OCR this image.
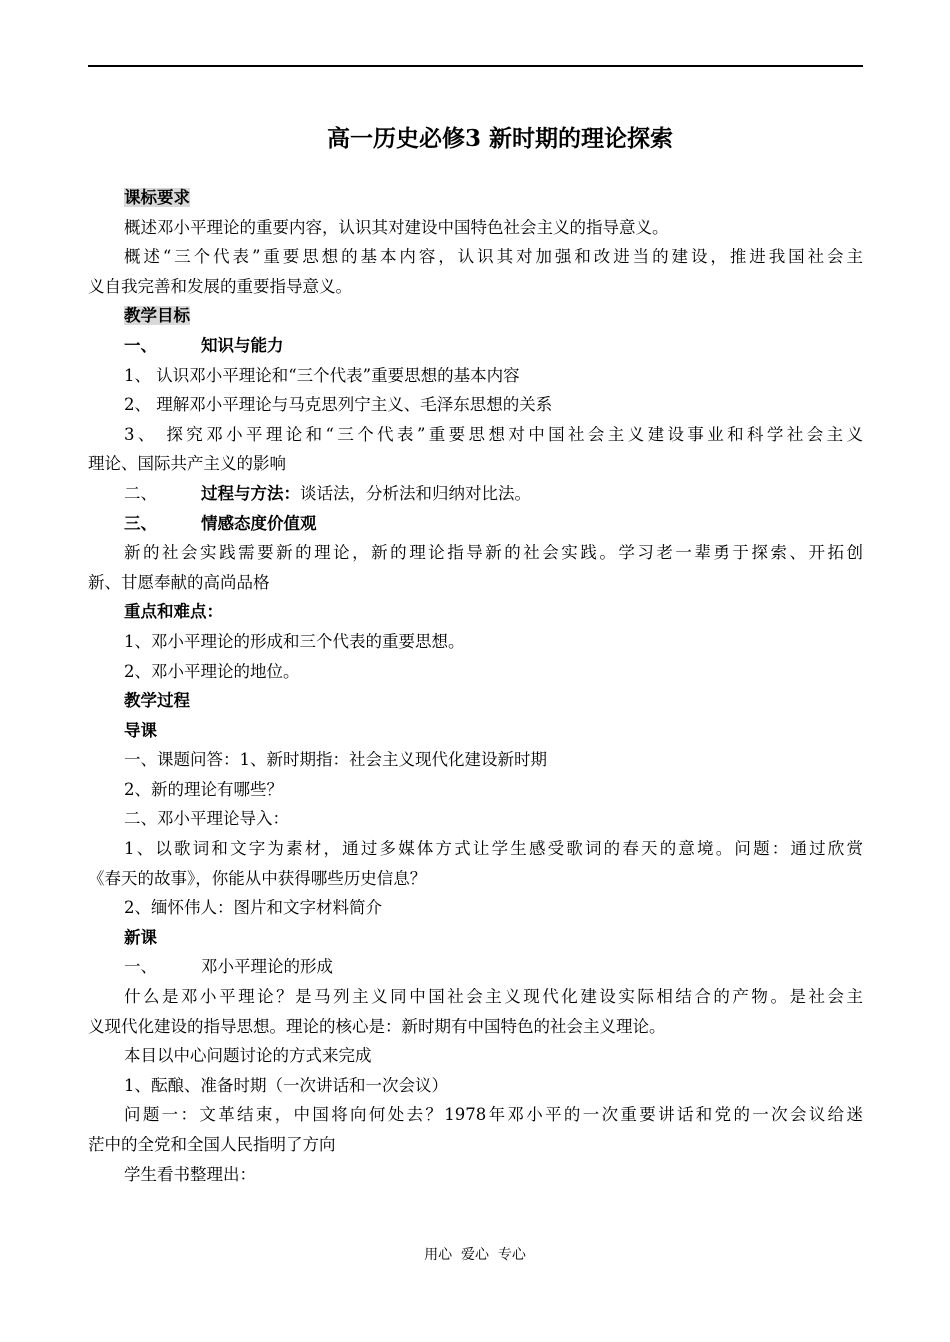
高一历史必修3 新时期的理论探索
课标要求
概述邓小平理论的重要内容，认识其对建设中国特色社会主义的指导意义。
概述“三个代表”重要思想的基本内容，认识其对加强和改进当的建设，推进我国社会主
义自我完善和发展的重要指导意义。
教学目标
一、	知识与能力
1、 认识邓小平理论和“三个代表”重要思想的基本内容
2、 理解邓小平理论与马克思列宁主义、毛泽东思想的关系
3、 探究邓小平理论和“三个代表”重要思想对中国社会主义建设事业和科学社会主义
理论、国际共产主义的影响
二、	过程与方法：谈话法，分析法和归纳对比法。
三、	情感态度价值观
新的社会实践需要新的理论，新的理论指导新的社会实践。学习老一辈勇于探索、开拓创
新、甘愿奉献的高尚品格
重点和难点：
1、邓小平理论的形成和三个代表的重要思想。
2、邓小平理论的地位。
教学过程
导课
一、课题问答：1、新时期指：社会主义现代化建设新时期
2、新的理论有哪些？
二、邓小平理论导入：
1、以歌词和文字为素材，通过多媒体方式让学生感受歌词的春天的意境。问题：通过欣赏
《春天的故事》，你能从中获得哪些历史信息？
2、缅怀伟人：图片和文字材料简介
新课
一、	邓小平理论的形成
什么是邓小平理论？是马列主义同中国社会主义现代化建设实际相结合的产物。是社会主
义现代化建设的指导思想。理论的核心是：新时期有中国特色的社会主义理论。
本目以中心问题讨论的方式来完成
1、酝酿、准备时期（一次讲话和一次会议）
问题一：文革结束，中国将向何处去？1978年邓小平的一次重要讲话和党的一次会议给迷
茫中的全党和全国人民指明了方向
学生看书整理出：
用心  爱心  专心
